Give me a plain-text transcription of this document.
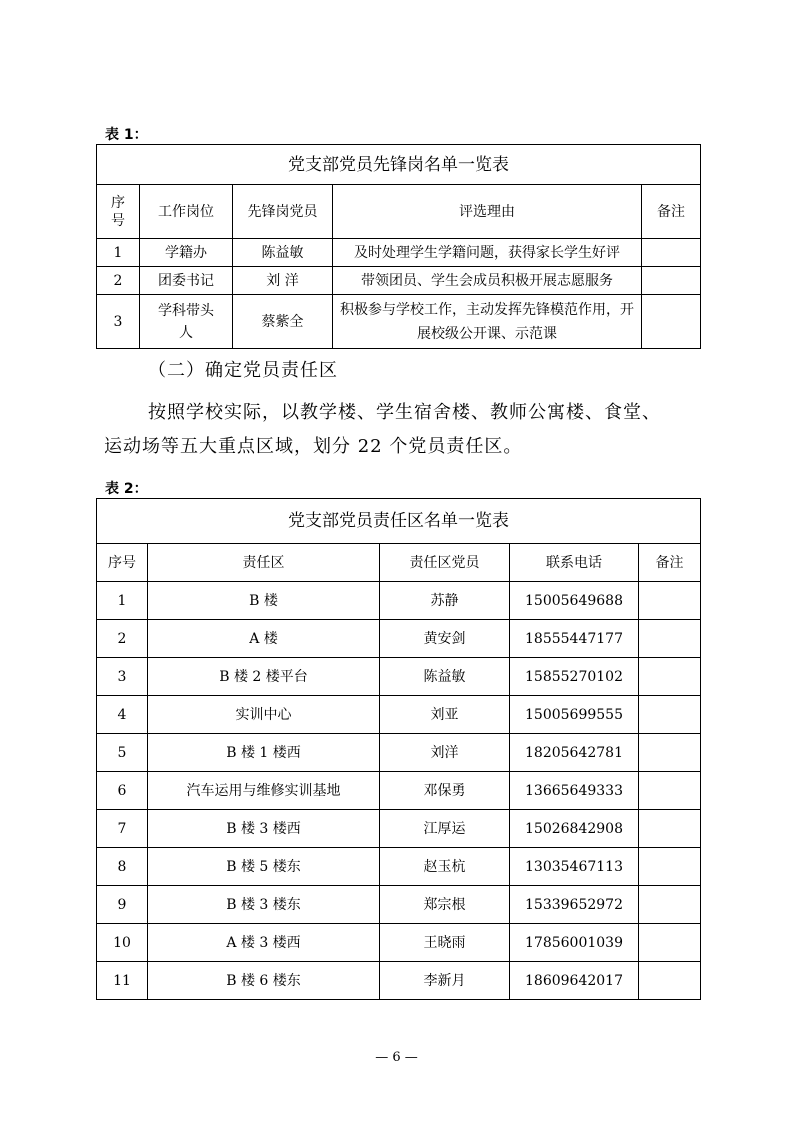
表 1：
党支部党员先锋岗名单一览表				
序号	工作岗位	先锋岗党员	评选理由	备注
1	学籍办	陈益敏	及时处理学生学籍问题，获得家长学生好评	
2	团委书记	刘 洋	带领团员、学生会成员积极开展志愿服务	
3	学科带头人	蔡紫全	积极参与学校工作，主动发挥先锋模范作用，开展校级公开课、示范课	
（二）确定党员责任区
按照学校实际，以教学楼、学生宿舍楼、教师公寓楼、食堂、
运动场等五大重点区域，划分 22 个党员责任区。
表 2：
党支部党员责任区名单一览表				
序号	责任区	责任区党员	联系电话	备注
1	B 楼	苏静	15005649688	
2	A 楼	黄安剑	18555447177	
3	B 楼 2 楼平台	陈益敏	15855270102	
4	实训中心	刘亚	15005699555	
5	B 楼 1 楼西	刘洋	18205642781	
6	汽车运用与维修实训基地	邓保勇	13665649333	
7	B 楼 3 楼西	江厚运	15026842908	
8	B 楼 5 楼东	赵玉杭	13035467113	
9	B 楼 3 楼东	郑宗根	15339652972	
10	A 楼 3 楼西	王晓雨	17856001039	
11	B 楼 6 楼东	李新月	18609642017	
— 6 —
